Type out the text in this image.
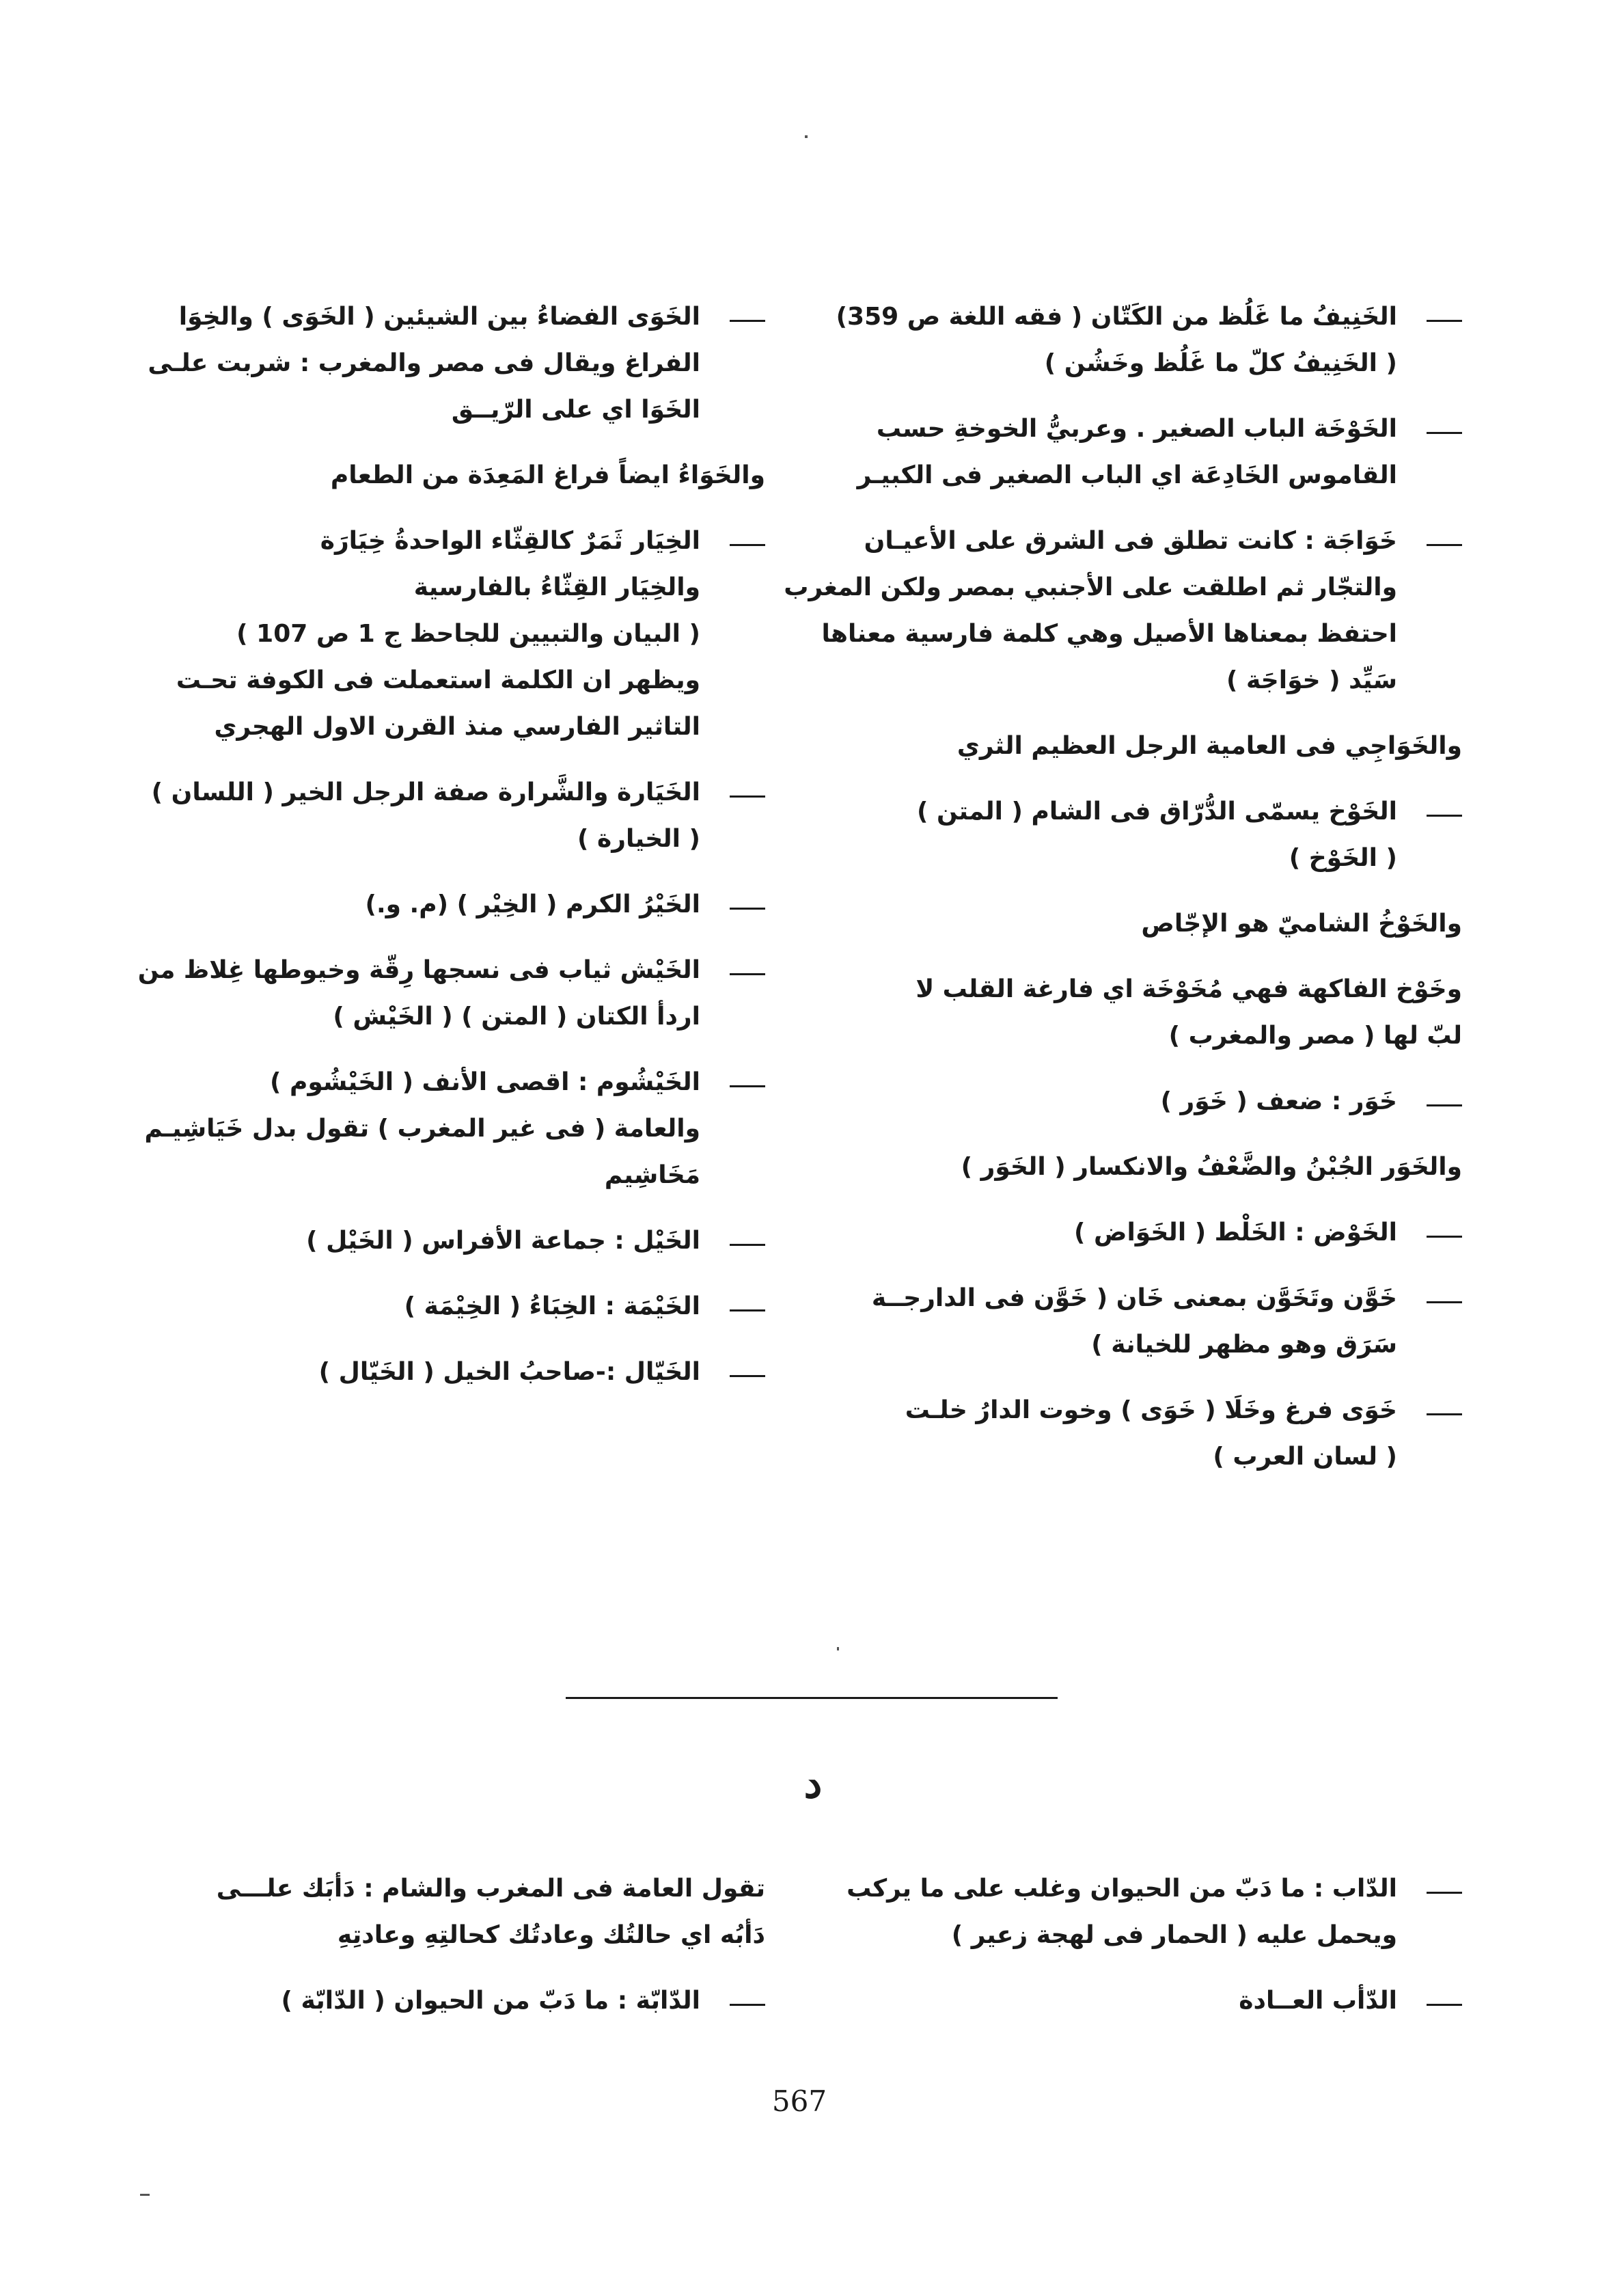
الخَنِيفُ ما غَلُظ من الكَتّان ( فقه اللغة ص 359)
( الخَنِيفُ كلّ ما غَلُظ وخَشُن )
الخَوْخَة الباب الصغير . وعربيُّ الخوخةِ حسب
القاموس الخَادِعَة اي الباب الصغير فى الكبيـر
خَوَاجَة : كانت تطلق فى الشرق على الأعيـان
والتجّار ثم اطلقت على الأجنبي بمصر ولكن المغرب
احتفظ بمعناها الأصيل وهي كلمة فارسية معناها
سَيِّد ( خوَاجَة )
والخَوَاجِي فى العامية الرجل العظيم الثري
الخَوْخ يسمّى الدُّرّاق فى الشام ( المتن )
( الخَوْخ )
والخَوْخُ الشاميّ هو الإجّاص
وخَوْخ الفاكهة فهي مُخَوْخَة اي فارغة القلب لا
لبّ لها ( مصر والمغرب )
خَوَر : ضعف ( خَوَر )
والخَوَر الجُبْنُ والضَّعْفُ والانكسار ( الخَوَر )
الخَوْض : الخَلْط ( الخَوَاض )
خَوَّن وتَخَوَّن بمعنى خَان ( خَوَّن فى الدارجــة
سَرَق وهو مظهر للخيانة )
خَوَى فرغ وخَلَا ( خَوَى ) وخوت الدارُ خلـت
( لسان العرب )
الخَوَى الفضاءُ بين الشيئين ( الخَوَى ) والخِوَا
الفراغ ويقال فى مصر والمغرب : شربت علـى
الخَوَا اي على الرّيــق
والخَوَاءُ ايضاً فراغ المَعِدَة من الطعام
الخِيَار ثَمَرٌ كالقِثّاء الواحدةُ خِيَارَة
والخِيَار القِثّاءُ بالفارسية
( البيان والتبيين للجاحظ ج 1 ص 107 )
ويظهر ان الكلمة استعملت فى الكوفة تحـت
التاثير الفارسي منذ القرن الاول الهجري
الخَيَارة والشَّرارة صفة الرجل الخير ( اللسان )
( الخيارة )
الخَيْرُ الكرم ( الخِيْر ) (م. و.)
الخَيْش ثياب فى نسجها رِقّة وخيوطها غِلاظ من
اردأ الكتان ( المتن ) ( الخَيْش )
الخَيْشُوم : اقصى الأنف ( الخَيْشُوم )
والعامة ( فى غير المغرب ) تقول بدل خَيَاشِيـم
مَخَاشِيم
الخَيْل : جماعة الأفراس ( الخَيْل )
الخَيْمَة : الخِبَاءُ ( الخِيْمَة )
الخَيّال :-صاحبُ الخيل ( الخَيّال )
د
الدّاب : ما دَبّ من الحيوان وغلب على ما يركب
ويحمل عليه ( الحمار فى لهجة زعير )
الدّأب العــادة
تقول العامة فى المغرب والشام : دَأبَك علـــى
دَأبُه اي حالتُك وعادتُك كحالتِهِ وعادتِهِ
الدّابّة : ما دَبّ من الحيوان ( الدّابّة )
567
